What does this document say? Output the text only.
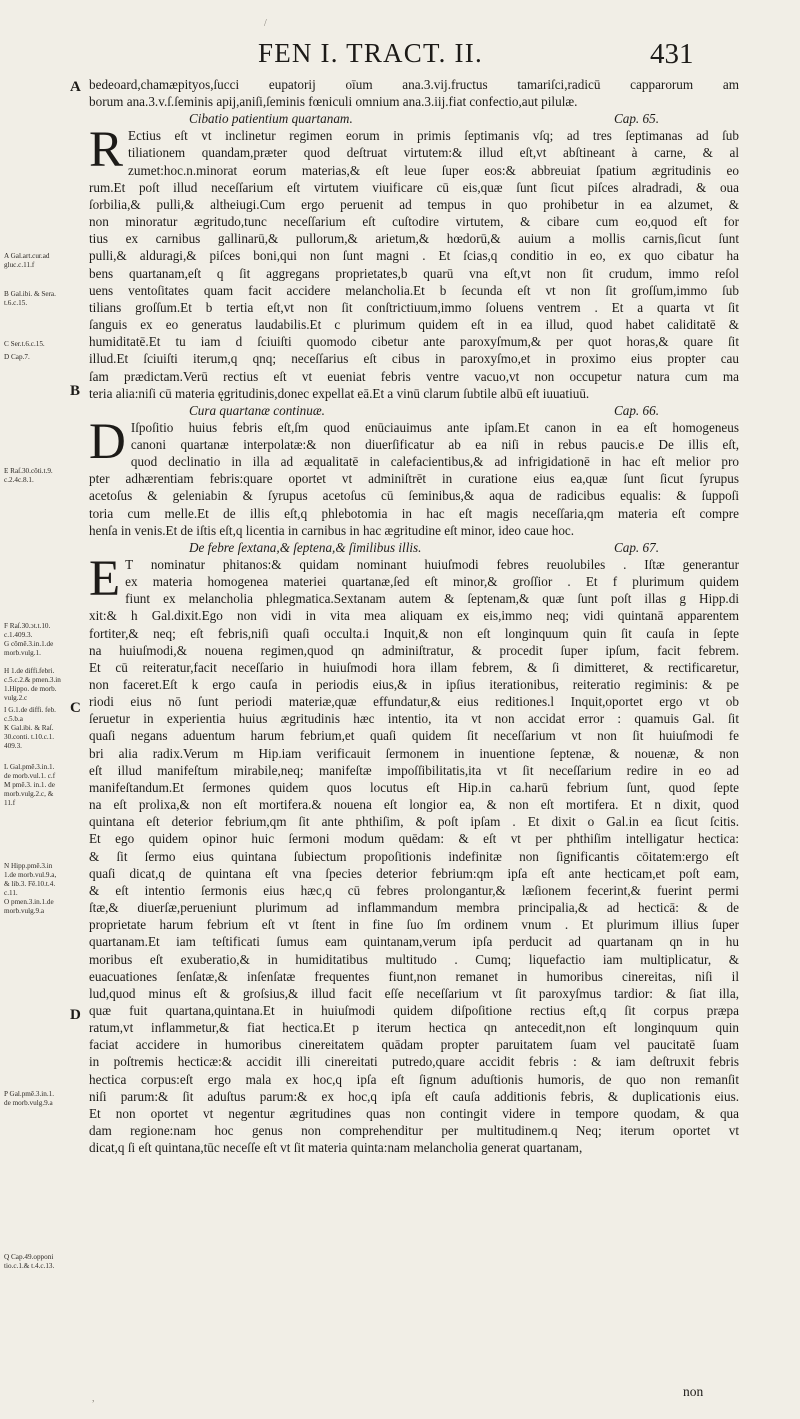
FEN I. TRACT. II.	431
/
A
B
C
D
A Gal.art.cur.ad
gluc.c.11.f
B Gal.ibi. & Sera.
t.6.c.15.
C Ser.t.6.c.15.
D Cap.7.
E Raſ.30.cōti.t.9.
c.2.4c.8.1.
F Raſ.30.ɔt.t.10.
c.1.409.3.
G cōmē.3.in.1.de
morb.vulg.1.
H 1.de diffi.febri.
c.5.c.2.& pmen.3.in
1.Hippo. de morb.
vulg.2.c
I G.1.de diffi. feb.
c.5.b.a
K Gal.ibi. & Raſ.
30.conti. t.10.c.1.
409.3.
L Gal.pmē.3.in.1.
de morb.vul.1. c.f
M pmē.3. in.1. de
morb.vulg.2.c, &
11.f
N Hipp.pmē.3.in
1.de morb.vul.9.a,
& lib.3. Fē.10.t.4.
c.11.
O pmen.3.in.1.de
morb.vulg.9.a
P Gal.pmē.3.in.1.
de morb.vulg.9.a
Q Cap.49.opponi
tio.c.1.& t.4.c.13.

bedeoard,chamæpityos,ſucci eupatorij oīum ana.3.vij.fructus tamariſci,radicū capparorum am
borum ana.3.v.ſ.ſeminis apij,aniſi,ſeminis fœniculi omnium ana.3.iij.fiat confectio,aut pilulæ.

Cibatio patientium quartanam.	Cap. 65.

R Ectius eſt vt inclinetur regimen eorum in primis ſeptimanis vſq; ad tres ſeptimanas ad ſub
tiliationem quandam,præter quod deſtruat virtutem:& illud eſt,vt abſtineant à carne, & al
zumet:hoc.n.minorat eorum materias,& eſt leue ſuper eos:& abbreuiat ſpatium ægritudinis eo
rum.Et poſt illud neceſſarium eſt virtutem viuificare cū eis,quæ ſunt ſicut piſces alradradi, & oua
ſorbilia,& pulli,& altheiugi.Cum ergo peruenit ad tempus in quo prohibetur in ea alzumet, &
non minoratur ægritudo,tunc neceſſarium eſt cuſtodire virtutem, & cibare cum eo,quod eſt for
tius ex carnibus gallinarū,& pullorum,& arietum,& hœdorū,& auium a mollis carnis,ſicut ſunt
pulli,& alduragi,& piſces boni,qui non ſunt magni . Et ſcias,q conditio in eo, ex quo cibatur ha
bens quartanam,eſt q ſit aggregans proprietates,b quarū vna eſt,vt non ſit crudum, immo reſol
uens ventoſitates quam facit accidere melancholia.Et b ſecunda eſt vt non ſit groſſum,immo ſub
tilians groſſum.Et b tertia eſt,vt non ſit conſtrictiuum,immo ſoluens ventrem . Et a quarta vt ſit
ſanguis ex eo generatus laudabilis.Et c plurimum quidem eſt in ea illud, quod habet caliditatē &
humiditatē.Et tu iam d ſciuiſti quomodo cibetur ante paroxyſmum,& per quot horas,& quare ſit
illud.Et ſciuiſti iterum,q qnq; neceſſarius eſt cibus in paroxyſmo,et in proximo eius propter cau
ſam prædictam.Verū rectius eſt vt eueniat febris ventre vacuo,vt non occupetur natura cum ma
teria alia:niſi cū materia ęgritudinis,donec expellat eā.Et a vinū clarum ſubtile albū eſt iuuatiuū.

Cura quartanæ continuæ.	Cap. 66.

D Iſpoſitio huius febris eſt,ſm quod enūciauimus ante ipſam.Et canon in ea eſt homogeneus
canoni quartanæ interpolatæ:& non diuerſificatur ab ea niſi in rebus paucis.e De illis eſt,
quod declinatio in illa ad æqualitatē in calefacientibus,& ad infrigidationē in hac eſt melior pro
pter adhærentiam febris:quare oportet vt adminiſtrēt in curatione eius ea,quæ ſunt ſicut ſyrupus
acetoſus & geleniabin & ſyrupus acetoſus cū ſeminibus,& aqua de radicibus equalis: & ſuppoſi
toria cum melle.Et de illis eſt,q phlebotomia in hac eſt magis neceſſaria,qm materia eſt compre
henſa in venis.Et de iſtis eſt,q licentia in carnibus in hac ægritudine eſt minor, ideo caue hoc.

De febre ſextana,& ſeptena,& ſimilibus illis.	Cap. 67.

E T nominatur phitanos:& quidam nominant huiuſmodi febres reuolubiles . Iſtæ generantur
ex materia homogenea materiei quartanæ,ſed eſt minor,& groſſior . Et f plurimum quidem
fiunt ex melancholia phlegmatica.Sextanam autem & ſeptenam,& quæ ſunt poſt illas g Hipp.di
xit:& h Gal.dixit.Ego non vidi in vita mea aliquam ex eis,immo neq; vidi quintanā apparentem
fortiter,& neq; eſt febris,niſi quaſi occulta.i Inquit,& non eſt longinquum quin ſit cauſa in ſepte
na huiuſmodi,& nouena regimen,quod qn adminiſtratur, & procedit ſuper ipſum, facit febrem.
Et cū reiteratur,facit neceſſario in huiuſmodi hora illam febrem, & ſi dimitteret, & rectificaretur,
non faceret.Eſt k ergo cauſa in periodis eius,& in ipſius iterationibus, reiteratio regiminis: & pe
riodi eius nō ſunt periodi materiæ,quæ effundatur,& eius reditiones.l Inquit,oportet ergo vt ob
ſeruetur in experientia huius ægritudinis hæc intentio, ita vt non accidat error : quamuis Gal. ſit
quaſi negans aduentum harum febrium,et quaſi quidem ſit neceſſarium vt non ſit huiuſmodi fe
bri alia radix.Verum m Hip.iam verificauit ſermonem in inuentione ſeptenæ, & nouenæ, & non
eſt illud manifeſtum mirabile,neq; manifeſtæ impoſſibilitatis,ita vt ſit neceſſarium redire in eo ad
manifeſtandum.Et ſermones quidem quos locutus eſt Hip.in ca.harū febrium ſunt, quod ſepte
na eſt prolixa,& non eſt mortifera.& nouena eſt longior ea, & non eſt mortifera. Et n dixit, quod
quintana eſt deterior febrium,qm ſit ante phthiſim, & poſt ipſam . Et dixit o Gal.in ea ſicut ſcitis.
Et ego quidem opinor huic ſermoni modum quēdam: & eſt vt per phthiſim intelligatur hectica:
& ſit ſermo eius quintana ſubiectum propoſitionis indefinitæ non ſignificantis cōitatem:ergo eſt
quaſi dicat,q de quintana eſt vna ſpecies deterior febrium:qm ipſa eſt ante hecticam,et poſt eam,
& eſt intentio ſermonis eius hæc,q cū febres prolongantur,& læſionem fecerint,& fuerint permi
ſtæ,& diuerſæ,perueniunt plurimum ad inflammandum membra principalia,& ad hecticā: & de
proprietate harum febrium eſt vt ſtent in fine ſuo ſm ordinem vnum . Et plurimum illius ſuper
quartanam.Et iam teſtificati ſumus eam quintanam,verum ipſa perducit ad quartanam qn in hu
moribus eſt exuberatio,& in humiditatibus multitudo . Cumq; liquefactio iam multiplicatur, &
euacuationes ſenſatæ,& inſenſatæ frequentes fiunt,non remanet in humoribus cinereitas, niſi il
lud,quod minus eſt & groſsius,& illud facit eſſe neceſſarium vt ſit paroxyſmus tardior: & ſiat illa,
quæ fuit quartana,quintana.Et in huiuſmodi quidem diſpoſitione rectius eſt,q ſit corpus præpa
ratum,vt inflammetur,& fiat hectica.Et p iterum hectica qn antecedit,non eſt longinquum quin
faciat accidere in humoribus cinereitatem quādam propter paruitatem ſuam vel paucitatē ſuam
in poſtremis hecticæ:& accidit illi cinereitati putredo,quare accidit febris : & iam deſtruxit febris
hectica corpus:eſt ergo mala ex hoc,q ipſa eſt ſignum aduſtionis humoris, de quo non remanſit
niſi parum:& ſit aduſtus parum:& ex hoc,q ipſa eſt cauſa additionis febris, & duplicationis eius.
Et non oportet vt negentur ægritudines quas non contingit videre in tempore quodam, & qua
dam regione:nam hoc genus non comprehenditur per multitudinem.q Neq; iterum oportet vt
dicat,q ſi eſt quintana,tūc neceſſe eſt vt ſit materia quinta:nam melancholia generat quartanam,

,	non
